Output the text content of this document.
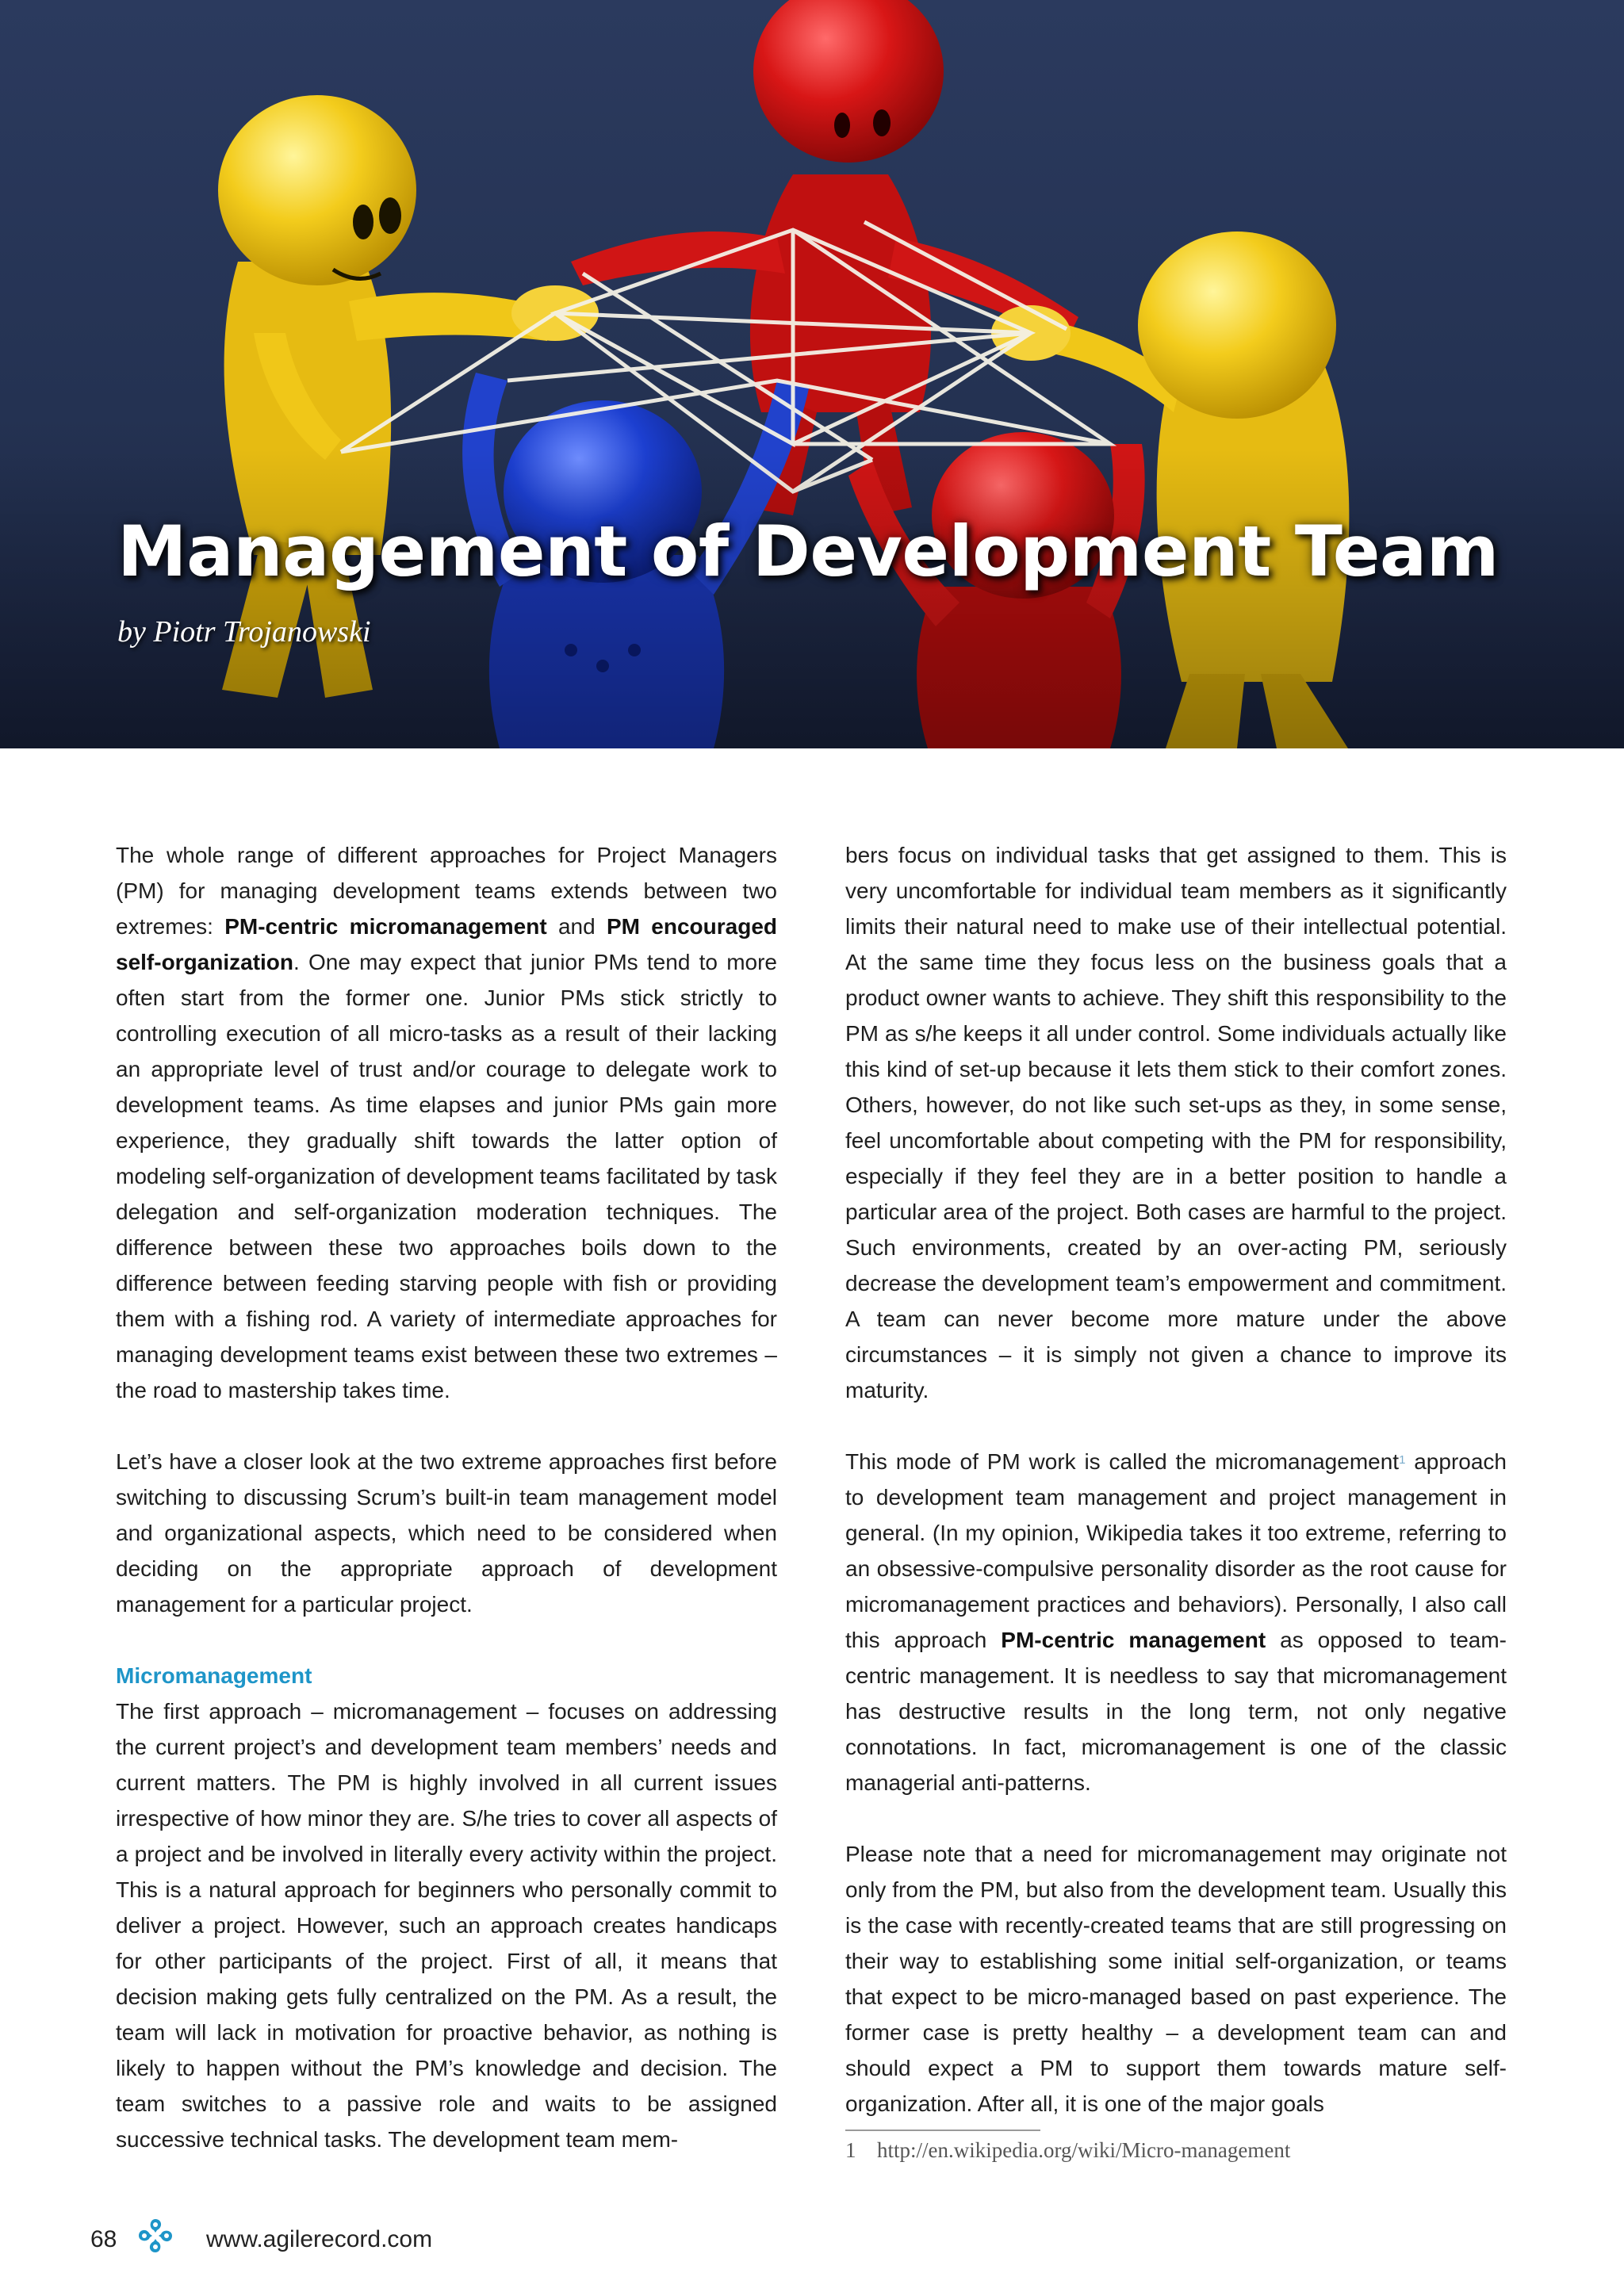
Management of Development Team

by Piotr Trojanowski

The whole range of different approaches for Project Managers (PM) for managing development teams extends between two extremes: PM-centric micromanagement and PM encouraged self-organization. One may expect that junior PMs tend to more often start from the former one. Junior PMs stick strictly to controlling execution of all micro-tasks as a result of their lacking an appropriate level of trust and/or courage to delegate work to development teams. As time elapses and junior PMs gain more experience, they gradually shift towards the latter option of modeling self-organization of development teams facilitated by task delegation and self-organization moderation techniques. The difference between these two approaches boils down to the difference between feeding starving people with fish or providing them with a fishing rod. A variety of intermediate approaches for managing development teams exist between these two extremes – the road to mastership takes time.

Let’s have a closer look at the two extreme approaches first before switching to discussing Scrum’s built-in team management model and organizational aspects, which need to be considered when deciding on the appropriate approach of development management for a particular project.

Micromanagement

The first approach – micromanagement – focuses on addressing the current project’s and development team members’ needs and current matters. The PM is highly involved in all current issues irrespective of how minor they are. S/he tries to cover all aspects of a project and be involved in literally every activity within the project. This is a natural approach for beginners who personally commit to deliver a project. However, such an approach creates handicaps for other participants of the project. First of all, it means that decision making gets fully centralized on the PM. As a result, the team will lack in motivation for proactive behavior, as nothing is likely to happen without the PM’s knowledge and decision. The team switches to a passive role and waits to be assigned successive technical tasks. The development team mem-

bers focus on individual tasks that get assigned to them. This is very uncomfortable for individual team members as it significantly limits their natural need to make use of their intellectual potential. At the same time they focus less on the business goals that a product owner wants to achieve. They shift this responsibility to the PM as s/he keeps it all under control. Some individuals actually like this kind of set-up because it lets them stick to their comfort zones. Others, however, do not like such set-ups as they, in some sense, feel uncomfortable about competing with the PM for responsibility, especially if they feel they are in a better position to handle a particular area of the project. Both cases are harmful to the project. Such environments, created by an over-acting PM, seriously decrease the development team’s empowerment and commitment. A team can never become more mature under the above circumstances – it is simply not given a chance to improve its maturity.

This mode of PM work is called the micromanagement$^1$ approach to development team management and project management in general. (In my opinion, Wikipedia takes it too extreme, referring to an obsessive-compulsive personality disorder as the root cause for micromanagement practices and behaviors). Personally, I also call this approach PM-centric management as opposed to team-centric management. It is needless to say that micromanagement has destructive results in the long term, not only negative connotations. In fact, micromanagement is one of the classic managerial anti-patterns.

Please note that a need for micromanagement may originate not only from the PM, but also from the development team. Usually this is the case with recently-created teams that are still progressing on their way to establishing some initial self-organization, or teams that expect to be micro-managed based on past experience. The former case is pretty healthy – a development team can and should expect a PM to support them towards mature self-organization. After all, it is one of the major goals

1 http://en.wikipedia.org/wiki/Micro-management

68	www.agilerecord.com
